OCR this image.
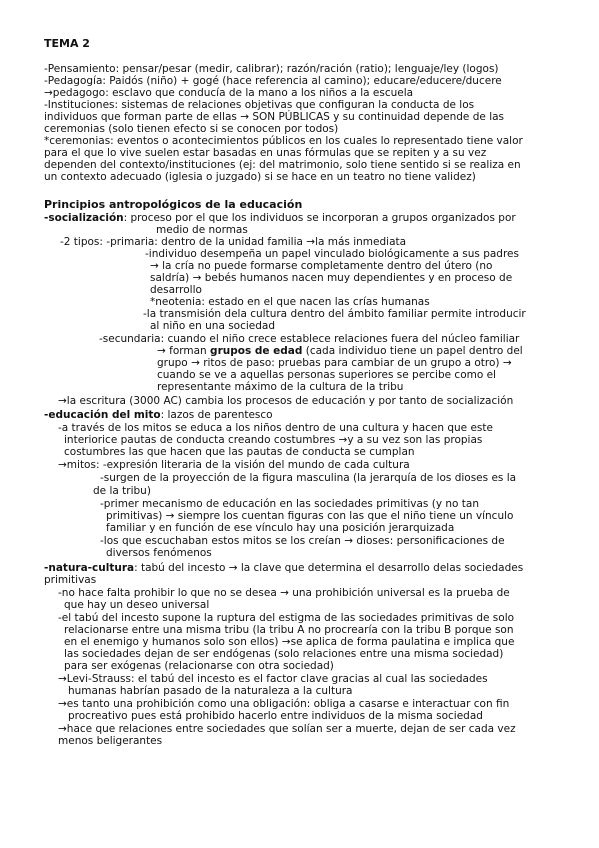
TEMA 2
-Pensamiento: pensar/pesar (medir, calibrar); razón/ración (ratio); lenguaje/ley (logos)
-Pedagogía: Paidós (niño) + gogé (hace referencia al camino); educare/educere/ducere
→pedagogo: esclavo que conducía de la mano a los niños a la escuela
-Instituciones: sistemas de relaciones objetivas que configuran la conducta de los
individuos que forman parte de ellas → SON PÚBLICAS y su continuidad depende de las
ceremonias (solo tienen efecto si se conocen por todos)
*ceremonias: eventos o acontecimientos públicos en los cuales lo representado tiene valor
para el que lo vive suelen estar basadas en unas fórmulas que se repiten y a su vez
dependen del contexto/instituciones (ej: del matrimonio, solo tiene sentido si se realiza en
un contexto adecuado (iglesia o juzgado) si se hace en un teatro no tiene validez)
Principios antropológicos de la educación
-socialización: proceso por el que los individuos se incorporan a grupos organizados por
medio de normas
-2 tipos: -primaria: dentro de la unidad familia →la más inmediata
-individuo desempeña un papel vinculado biológicamente a sus padres
→ la cría no puede formarse completamente dentro del útero (no
saldría) → bebés humanos nacen muy dependientes y en proceso de
desarrollo
*neotenia: estado en el que nacen las crías humanas
-la transmisión dela cultura dentro del ámbito familiar permite introducir
al niño en una sociedad
-secundaria: cuando el niño crece establece relaciones fuera del núcleo familiar
→ forman grupos de edad (cada individuo tiene un papel dentro del
grupo → ritos de paso: pruebas para cambiar de un grupo a otro) →
cuando se ve a aquellas personas superiores se percibe como el
representante máximo de la cultura de la tribu
→la escritura (3000 AC) cambia los procesos de educación y por tanto de socialización
-educación del mito: lazos de parentesco
-a través de los mitos se educa a los niños dentro de una cultura y hacen que este
interiorice pautas de conducta creando costumbres →y a su vez son las propias
costumbres las que hacen que las pautas de conducta se cumplan
→mitos: -expresión literaria de la visión del mundo de cada cultura
-surgen de la proyección de la figura masculina (la jerarquía de los dioses es la
de la tribu)
-primer mecanismo de educación en las sociedades primitivas (y no tan
primitivas) → siempre los cuentan figuras con las que el niño tiene un vínculo
familiar y en función de ese vínculo hay una posición jerarquizada
-los que escuchaban estos mitos se los creían → dioses: personificaciones de
diversos fenómenos
-natura-cultura: tabú del incesto → la clave que determina el desarrollo delas sociedades
primitivas
-no hace falta prohibir lo que no se desea → una prohibición universal es la prueba de
que hay un deseo universal
-el tabú del incesto supone la ruptura del estigma de las sociedades primitivas de solo
relacionarse entre una misma tribu (la tribu A no procrearía con la tribu B porque son
en el enemigo y humanos solo son ellos) →se aplica de forma paulatina e implica que
las sociedades dejan de ser endógenas (solo relaciones entre una misma sociedad)
para ser exógenas (relacionarse con otra sociedad)
→Levi-Strauss: el tabú del incesto es el factor clave gracias al cual las sociedades
humanas habrían pasado de la naturaleza a la cultura
→es tanto una prohibición como una obligación: obliga a casarse e interactuar con fin
procreativo pues está prohibido hacerlo entre individuos de la misma sociedad
→hace que relaciones entre sociedades que solían ser a muerte, dejan de ser cada vez
menos beligerantes
